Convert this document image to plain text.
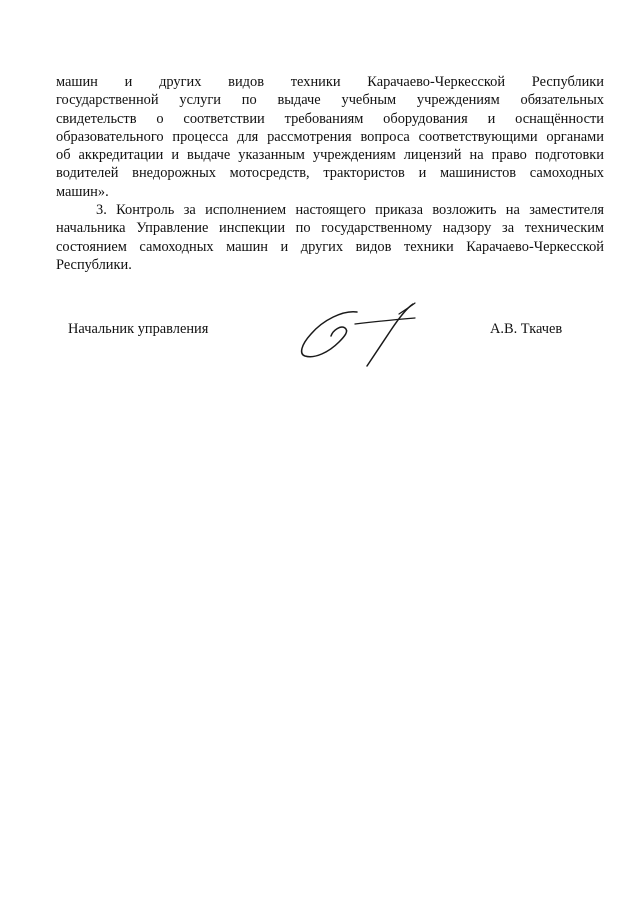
машин и других видов техники Карачаево-Черкесской Республики
государственной услуги по выдаче учебным учреждениям обязательных
свидетельств о соответствии требованиям оборудования и оснащённости
образовательного процесса для рассмотрения вопроса соответствующими органами
об аккредитации и выдаче указанным учреждениям лицензий на право подготовки
водителей внедорожных мотосредств, трактористов и машинистов самоходных
машин».
3. Контроль за исполнением настоящего приказа возложить на заместителя
начальника Управление инспекции по государственному надзору за техническим
состоянием самоходных машин и других видов техники Карачаево-Черкесской
Республики.
Начальник управления	А.В. Ткачев
